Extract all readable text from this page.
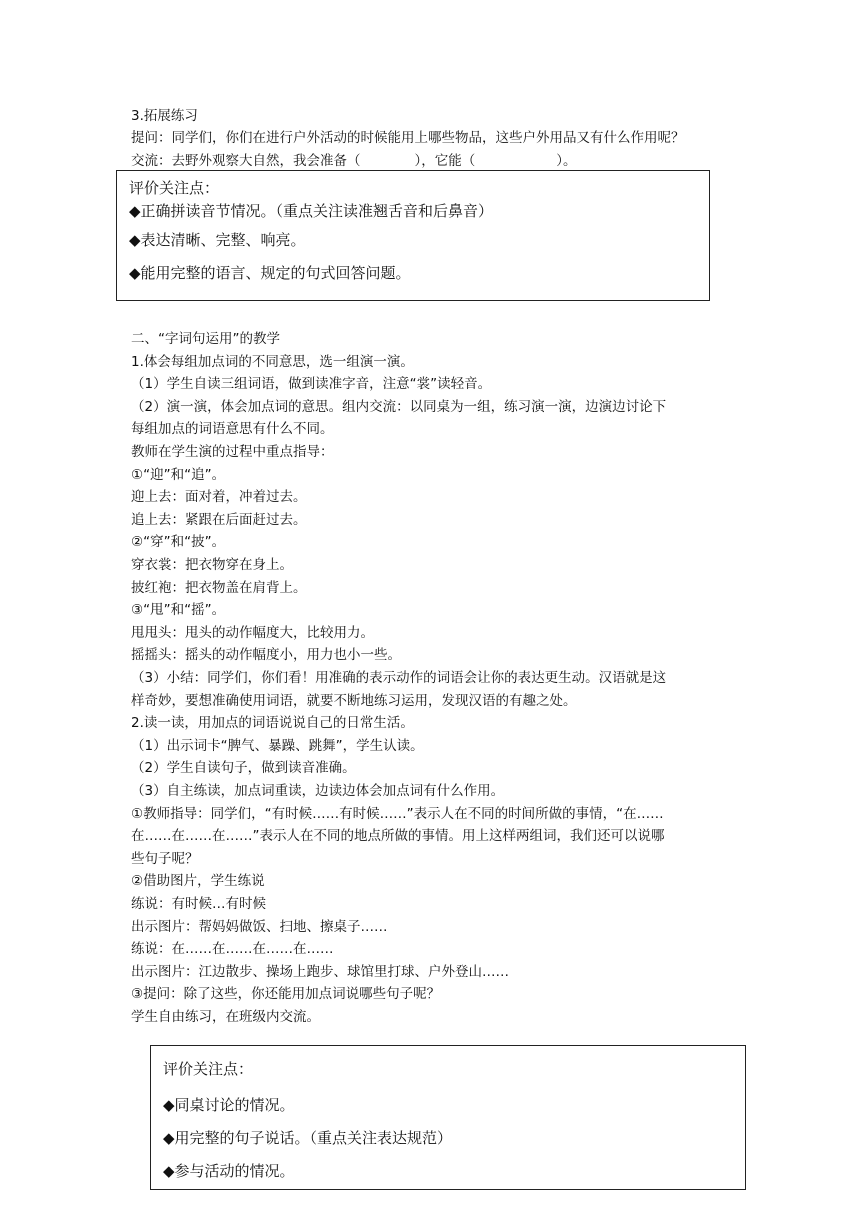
3.拓展练习
提问：同学们，你们在进行户外活动的时候能用上哪些物品，这些户外用品又有什么作用呢？
交流：去野外观察大自然，我会准备（　　　　），它能（　　　　　　）。
评价关注点：
◆正确拼读音节情况。（重点关注读准翘舌音和后鼻音）
◆表达清晰、完整、响亮。
◆能用完整的语言、规定的句式回答问题。
二、“字词句运用”的教学
1.体会每组加点词的不同意思，选一组演一演。
（1）学生自读三组词语，做到读准字音，注意“裳”读轻音。
（2）演一演，体会加点词的意思。组内交流：以同桌为一组，练习演一演，边演边讨论下
每组加点的词语意思有什么不同。
教师在学生演的过程中重点指导：
①“迎”和“追”。
迎上去：面对着，冲着过去。
追上去：紧跟在后面赶过去。
②“穿”和“披”。
穿衣裳：把衣物穿在身上。
披红袍：把衣物盖在肩背上。
③“甩”和“摇”。
甩甩头：甩头的动作幅度大，比较用力。
摇摇头：摇头的动作幅度小，用力也小一些。
（3）小结：同学们，你们看！用准确的表示动作的词语会让你的表达更生动。汉语就是这
样奇妙，要想准确使用词语，就要不断地练习运用，发现汉语的有趣之处。
2.读一读，用加点的词语说说自己的日常生活。
（1）出示词卡“脾气、暴躁、跳舞”，学生认读。
（2）学生自读句子，做到读音准确。
（3）自主练读，加点词重读，边读边体会加点词有什么作用。
①教师指导：同学们，“有时候……有时候……”表示人在不同的时间所做的事情，“在……
在……在……在……”表示人在不同的地点所做的事情。用上这样两组词，我们还可以说哪
些句子呢？
②借助图片，学生练说
练说：有时候…有时候
出示图片：帮妈妈做饭、扫地、擦桌子……
练说：在……在……在……在……
出示图片：江边散步、操场上跑步、球馆里打球、户外登山……
③提问：除了这些，你还能用加点词说哪些句子呢？
学生自由练习，在班级内交流。
评价关注点：
◆同桌讨论的情况。
◆用完整的句子说话。（重点关注表达规范）
◆参与活动的情况。
